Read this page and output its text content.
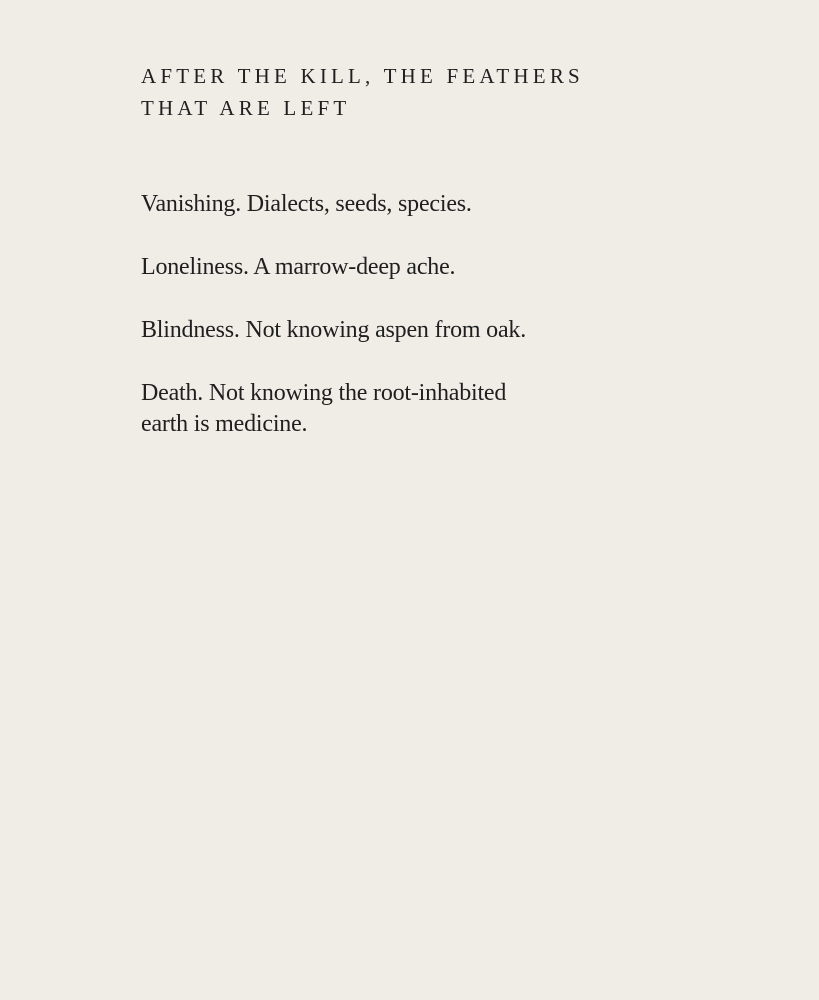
AFTER THE KILL, THE FEATHERS
THAT ARE LEFT

Vanishing. Dialects, seeds, species.

Loneliness. A marrow-deep ache.

Blindness. Not knowing aspen from oak.

Death. Not knowing the root-inhabited
earth is medicine.
